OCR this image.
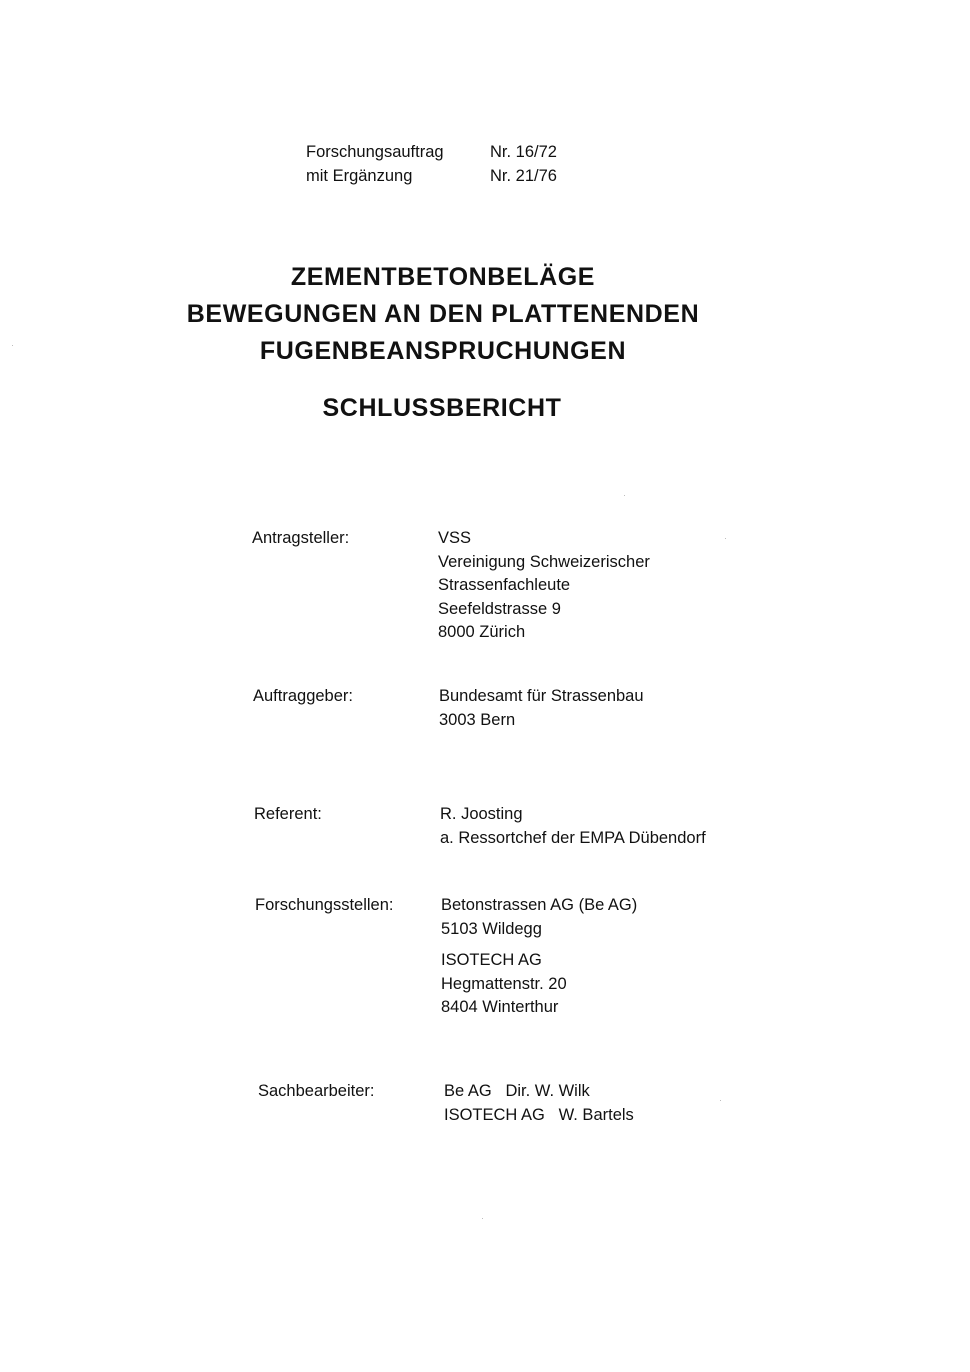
Forschungsauftrag	Nr. 16/72
mit Ergänzung	Nr. 21/76
ZEMENTBETONBELÄGE
BEWEGUNGEN AN DEN PLATTENENDEN
FUGENBEANSPRUCHUNGEN
SCHLUSSBERICHT
Antragsteller:	VSS
Vereinigung Schweizerischer
Strassenfachleute
Seefeldstrasse 9
8000 Zürich
Auftraggeber:	Bundesamt für Strassenbau
3003 Bern
Referent:	R. Joosting
a. Ressortchef der EMPA Dübendorf
Forschungsstellen:	Betonstrassen AG (Be AG)
5103 Wildegg
ISOTECH AG
Hegmattenstr. 20
8404 Winterthur
Sachbearbeiter:	Be AG   Dir. W. Wilk
ISOTECH AG   W. Bartels
